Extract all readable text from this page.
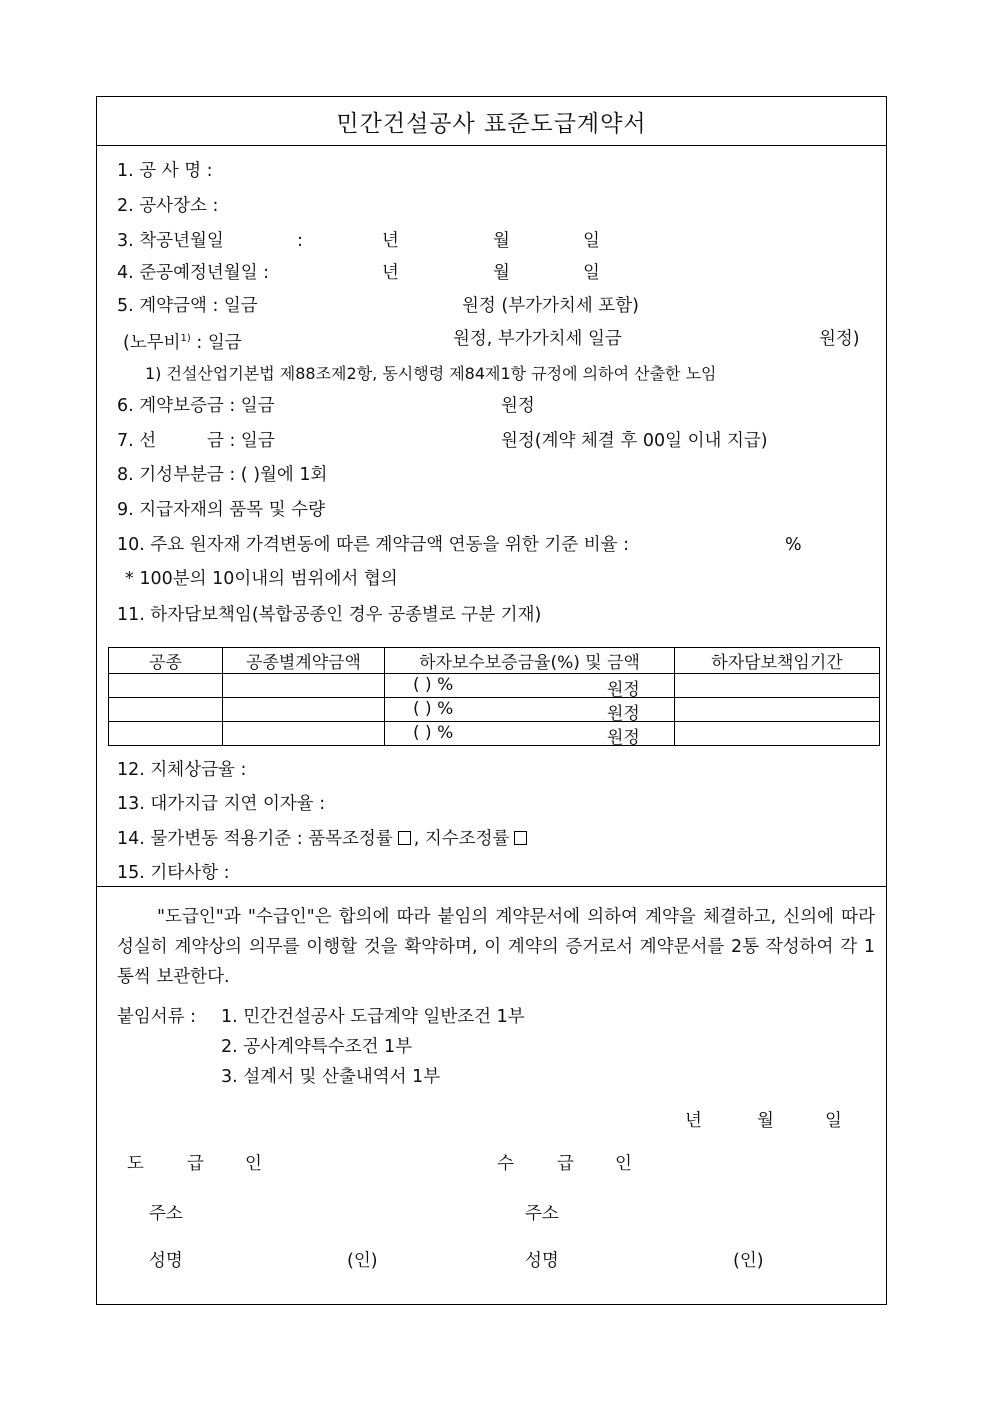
민간건설공사 표준도급계약서
1. 공 사 명 :
2. 공사장소 :
3. 착공년월일	:	년	월	일
4. 준공예정년월일 :	년	월	일
5. 계약금액 : 일금	원정 (부가가치세 포함)
(노무비$^{1)}$ : 일금	원정, 부가가치세 일금	원정)
1) 건설산업기본법 제88조제2항, 동시행령 제84제1항 규정에 의하여 산출한 노임
6. 계약보증금 : 일금	원정
7. 선	금 : 일금	원정(계약 체결 후 00일 이내 지급)
8. 기성부분금 : ( )월에 1회
9. 지급자재의 품목 및 수량
10. 주요 원자재 가격변동에 따른 계약금액 연동을 위한 기준 비율 :	%
* 100분의 10이내의 범위에서 협의
11. 하자담보책임(복합공종인 경우 공종별로 구분 기재)
공종	공종별계약금액	하자보수보증금율(%) 및 금액	하자담보책임기간

		( ) % 원정	

		( ) % 원정	

		( ) % 원정	

12. 지체상금율 :
13. 대가지급 지연 이자율 :
14. 물가변동 적용기준 : 품목조정률 , 지수조정률
15. 기타사항 :
"도급인"과 "수급인"은 합의에 따라 붙임의 계약문서에 의하여 계약을 체결하고, 신의에 따라 성실히 계약상의 의무를 이행할 것을 확약하며, 이 계약의 증거로서 계약문서를 2통 작성하여 각 1통씩 보관한다.
붙임서류 : 1. 민간건설공사 도급계약 일반조건 1부
2. 공사계약특수조건 1부
3. 설계서 및 산출내역서 1부
년	월	일
도 급 인
주소
성명	(인)
수 급 인
주소
성명	(인)
